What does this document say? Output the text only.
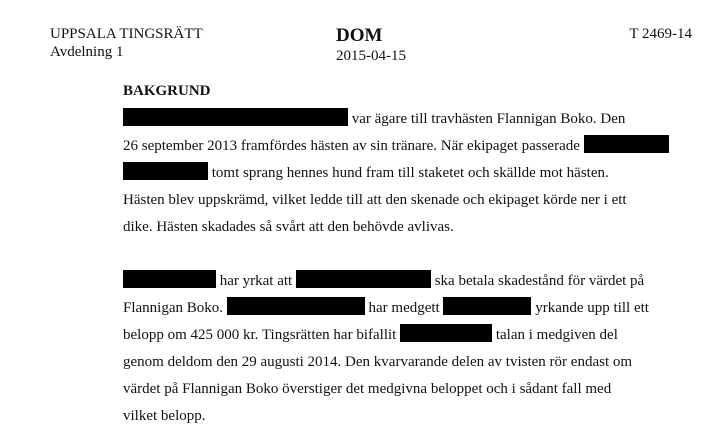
UPPSALA TINGSRÄTT
Avdelning 1
DOM
2015-04-15
T 2469-14
BAKGRUND
var ägare till travhästen Flannigan Boko. Den
26 september 2013 framfördes hästen av sin tränare. När ekipaget passerade
tomt sprang hennes hund fram till staketet och skällde mot hästen.
Hästen blev uppskrämd, vilket ledde till att den skenade och ekipaget körde ner i ett
dike. Hästen skadades så svårt att den behövde avlivas.
har yrkat att	ska betala skadestånd för värdet på
Flannigan Boko.	har medgett	yrkande upp till ett
belopp om 425 000 kr. Tingsrätten har bifallit	talan i medgiven del
genom deldom den 29 augusti 2014. Den kvarvarande delen av tvisten rör endast om
värdet på Flannigan Boko överstiger det medgivna beloppet och i sådant fall med
vilket belopp.
